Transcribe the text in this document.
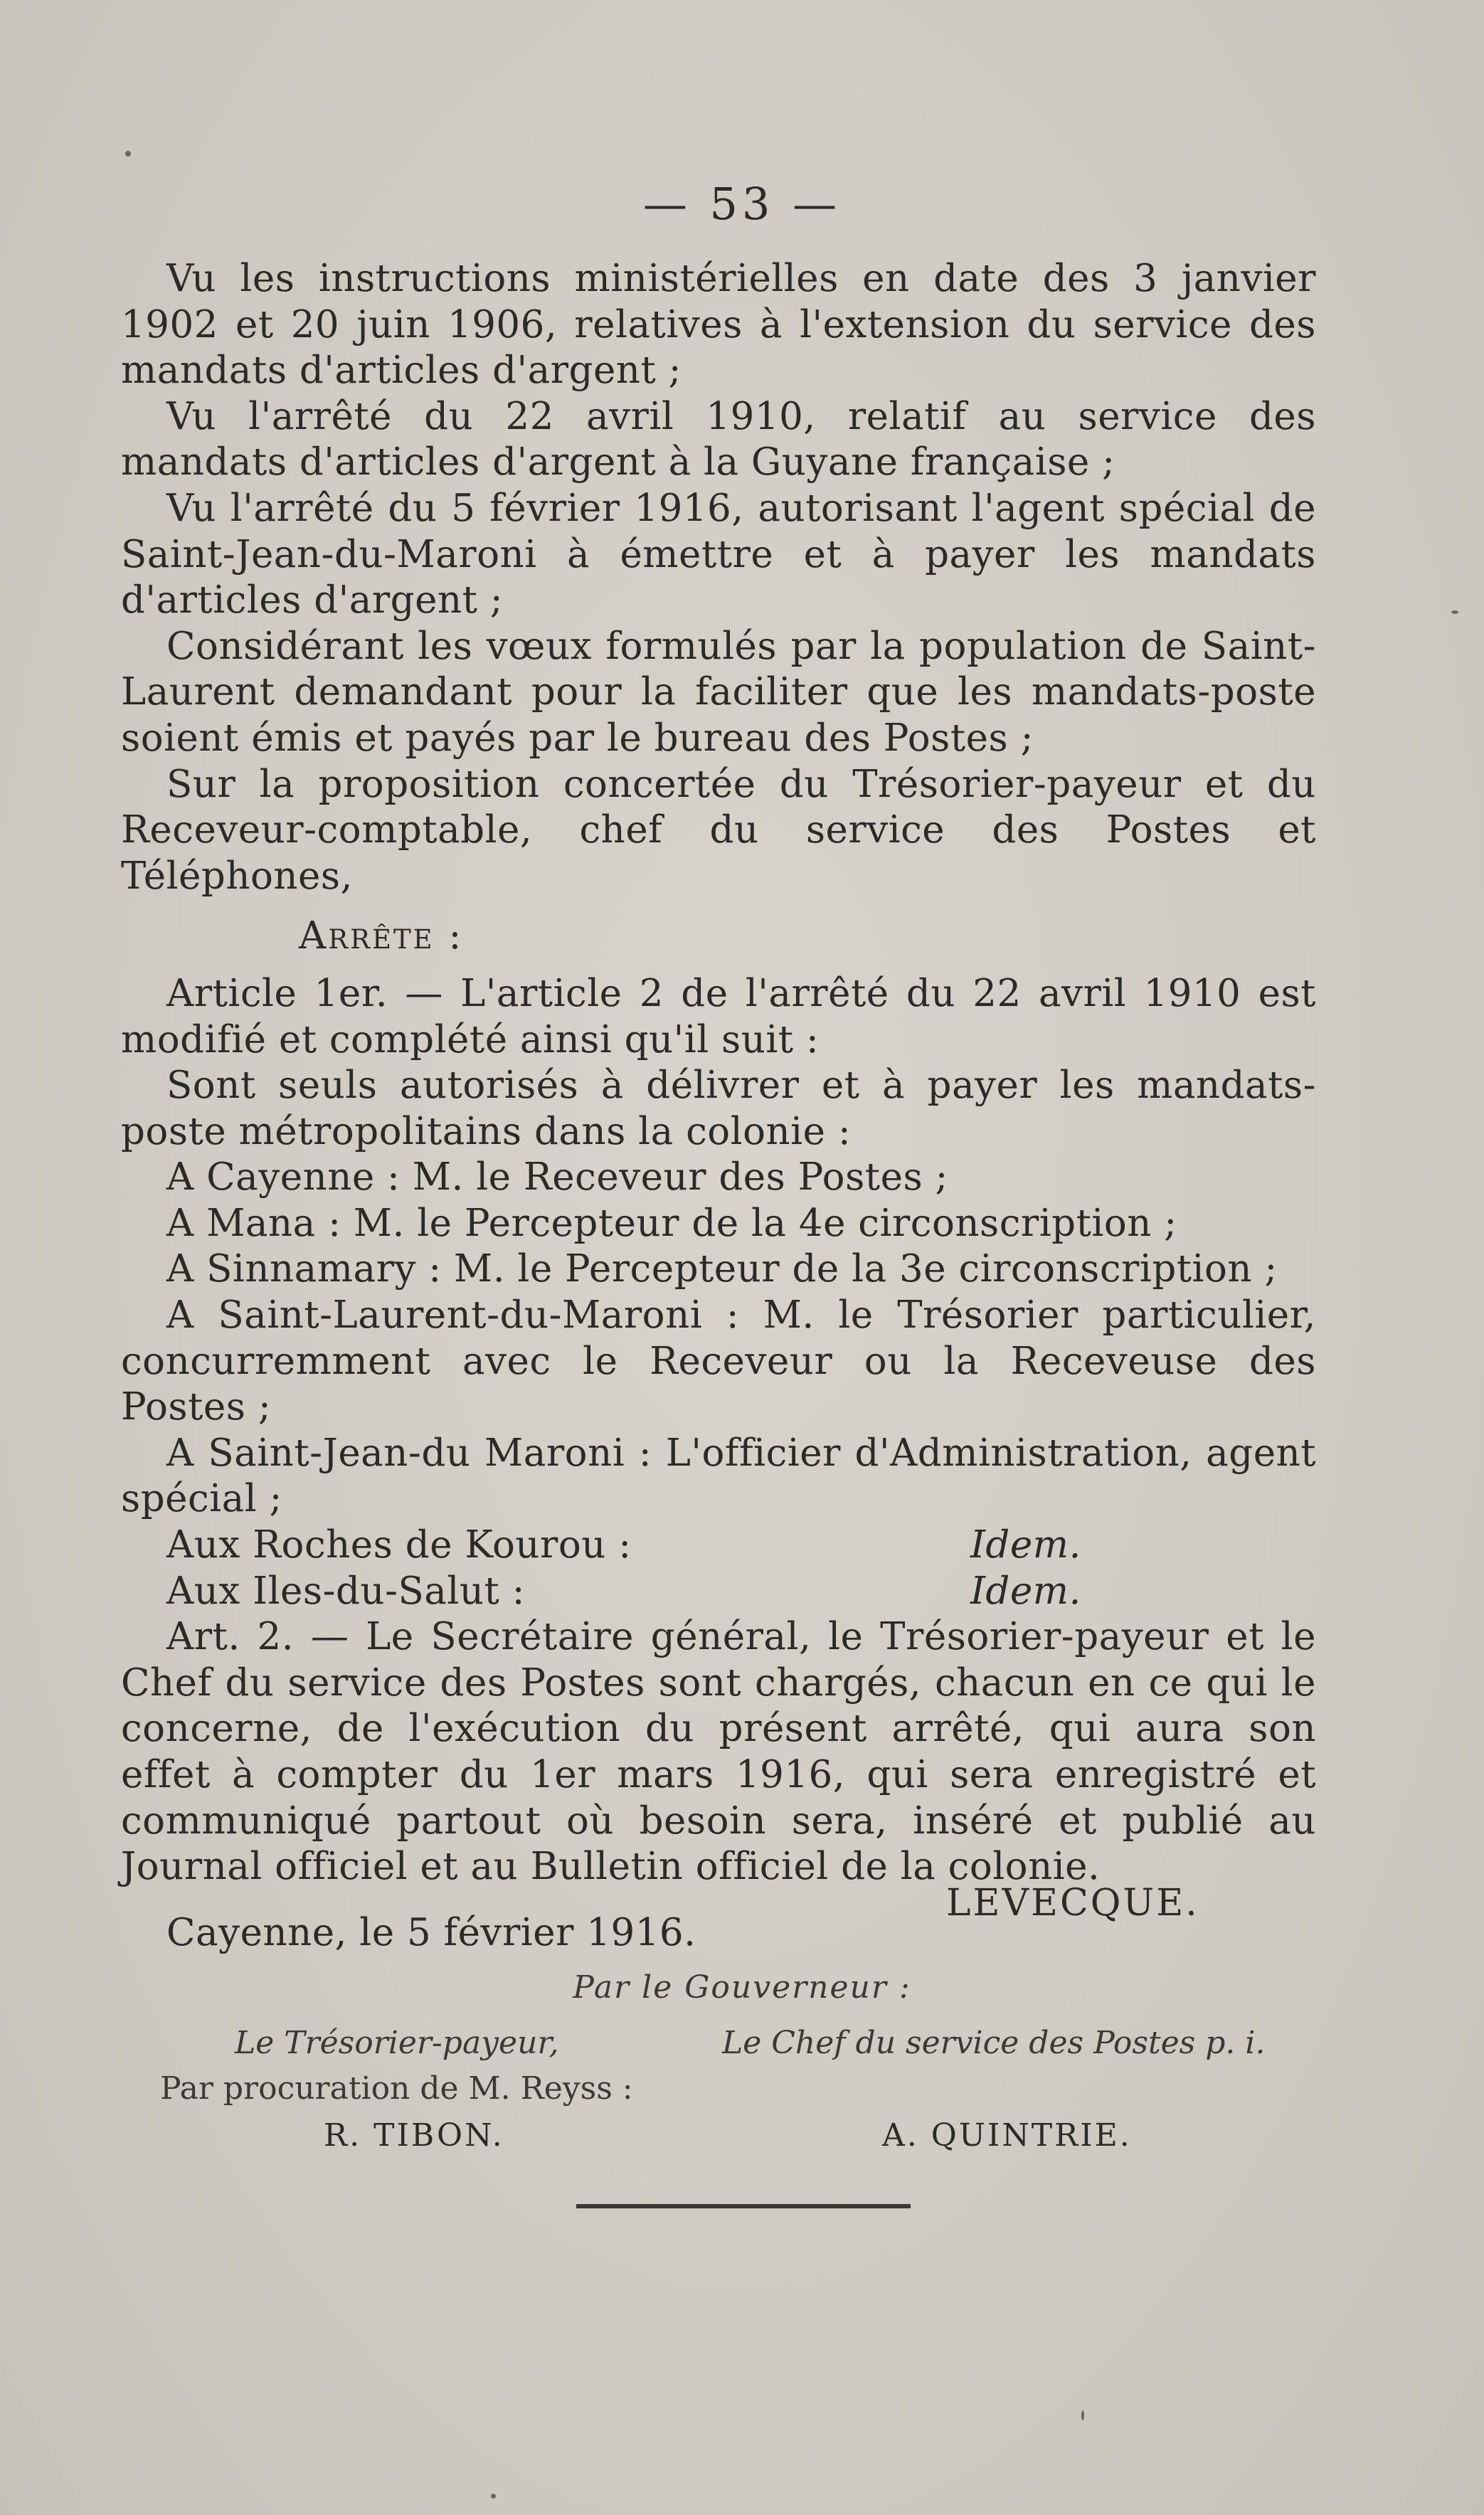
— 53 —

Vu les instructions ministérielles en date des 3 janvier 1902 et 20 juin 1906, relatives à l'extension du service des mandats d'articles d'argent ;

Vu l'arrêté du 22 avril 1910, relatif au service des mandats d'articles d'argent à la Guyane française ;

Vu l'arrêté du 5 février 1916, autorisant l'agent spécial de Saint-Jean-du-Maroni à émettre et à payer les mandats d'articles d'argent ;

Considérant les vœux formulés par la population de Saint-Laurent demandant pour la faciliter que les mandats-poste soient émis et payés par le bureau des Postes ;

Sur la proposition concertée du Trésorier-payeur et du Receveur-comptable, chef du service des Postes et Téléphones,

Arrête :

Article 1er. — L'article 2 de l'arrêté du 22 avril 1910 est modifié et complété ainsi qu'il suit :

Sont seuls autorisés à délivrer et à payer les mandats-poste métropolitains dans la colonie :

A Cayenne : M. le Receveur des Postes ;

A Mana : M. le Percepteur de la 4e circonscription ;

A Sinnamary : M. le Percepteur de la 3e circonscription ;

A Saint-Laurent-du-Maroni : M. le Trésorier particulier, concurremment avec le Receveur ou la Receveuse des Postes ;

A Saint-Jean-du Maroni : L'officier d'Administration, agent spécial ;

Aux Roches de Kourou :	Idem.
Aux Iles-du-Salut :	Idem.

Art. 2. — Le Secrétaire général, le Trésorier-payeur et le Chef du service des Postes sont chargés, chacun en ce qui le concerne, de l'exécution du présent arrêté, qui aura son effet à compter du 1er mars 1916, qui sera enregistré et communiqué partout où besoin sera, inséré et publié au Journal officiel et au Bulletin officiel de la colonie.

Cayenne, le 5 février 1916.

LEVECQUE.
Par le Gouverneur :
Le Trésorier-payeur,	Le Chef du service des Postes p. i.
Par procuration de M. Reyss :
R. TIBON.	A. QUINTRIE.
